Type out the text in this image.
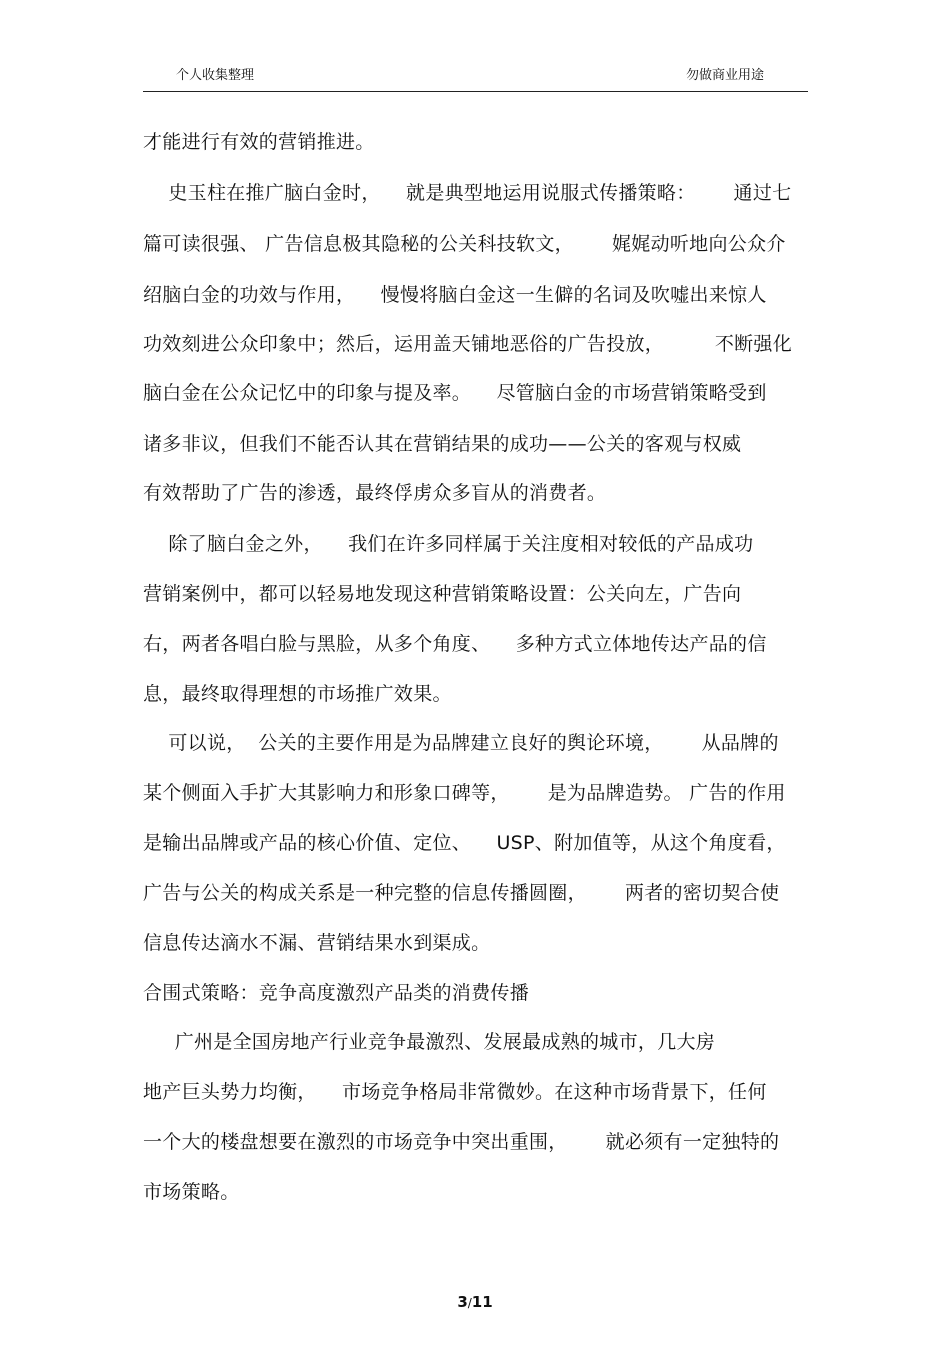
个人收集整理	勿做商业用途
才能进行有效的营销推进。
史玉柱在推广脑白金时，    就是典型地运用说服式传播策略：      通过七
篇可读很强、 广告信息极其隐秘的公关科技软文，      娓娓动听地向公众介
绍脑白金的功效与作用，    慢慢将脑白金这一生僻的名词及吹嘘出来惊人
功效刻进公众印象中；然后，运用盖天铺地恶俗的广告投放，        不断强化
脑白金在公众记忆中的印象与提及率。    尽管脑白金的市场营销策略受到
诸多非议，但我们不能否认其在营销结果的成功——公关的客观与权威
有效帮助了广告的渗透，最终俘虏众多盲从的消费者。
除了脑白金之外，    我们在许多同样属于关注度相对较低的产品成功
营销案例中，都可以轻易地发现这种营销策略设置：公关向左，广告向
右，两者各唱白脸与黑脸，从多个角度、    多种方式立体地传达产品的信
息，最终取得理想的市场推广效果。
可以说，  公关的主要作用是为品牌建立良好的舆论环境，      从品牌的
某个侧面入手扩大其影响力和形象口碑等，      是为品牌造势。 广告的作用
是输出品牌或产品的核心价值、定位、    USP、附加值等，从这个角度看，
广告与公关的构成关系是一种完整的信息传播圆圈，      两者的密切契合使
信息传达滴水不漏、营销结果水到渠成。
合围式策略：竞争高度激烈产品类的消费传播
广州是全国房地产行业竞争最激烈、发展最成熟的城市，几大房
地产巨头势力均衡，    市场竞争格局非常微妙。在这种市场背景下，任何
一个大的楼盘想要在激烈的市场竞争中突出重围，      就必须有一定独特的
市场策略。
3/11
